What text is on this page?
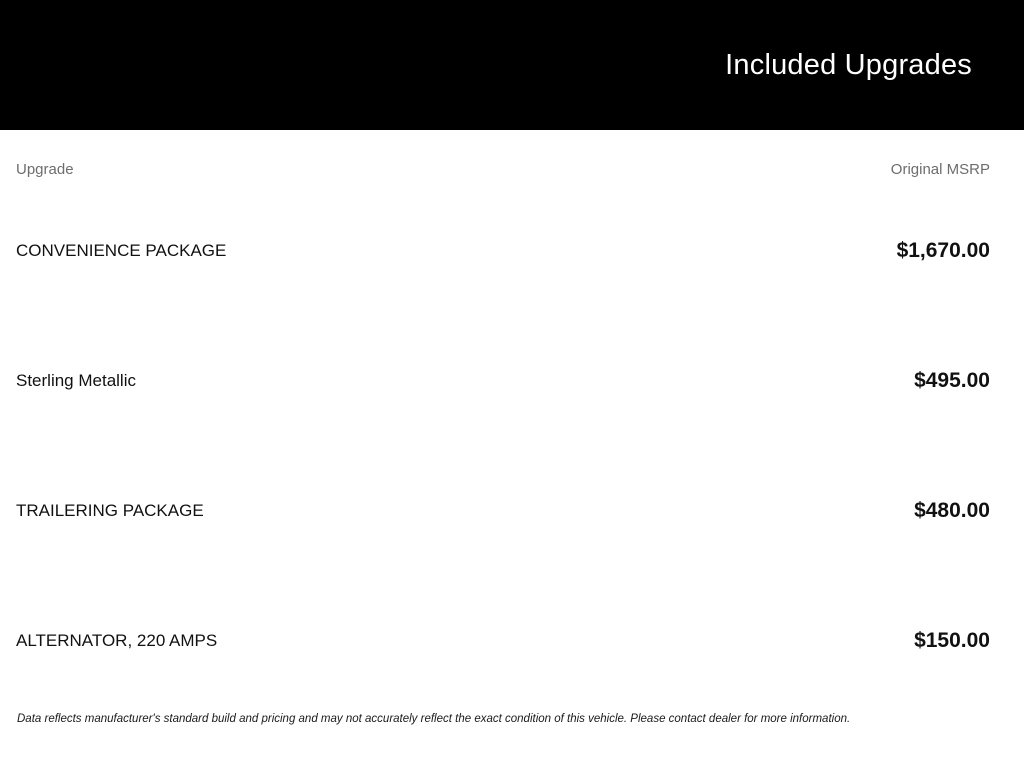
Included Upgrades
Upgrade	Original MSRP
CONVENIENCE PACKAGE	$1,670.00
Sterling Metallic	$495.00
TRAILERING PACKAGE	$480.00
ALTERNATOR, 220 AMPS	$150.00

Data reflects manufacturer's standard build and pricing and may not accurately reflect the exact condition of this vehicle. Please contact dealer for more information.
